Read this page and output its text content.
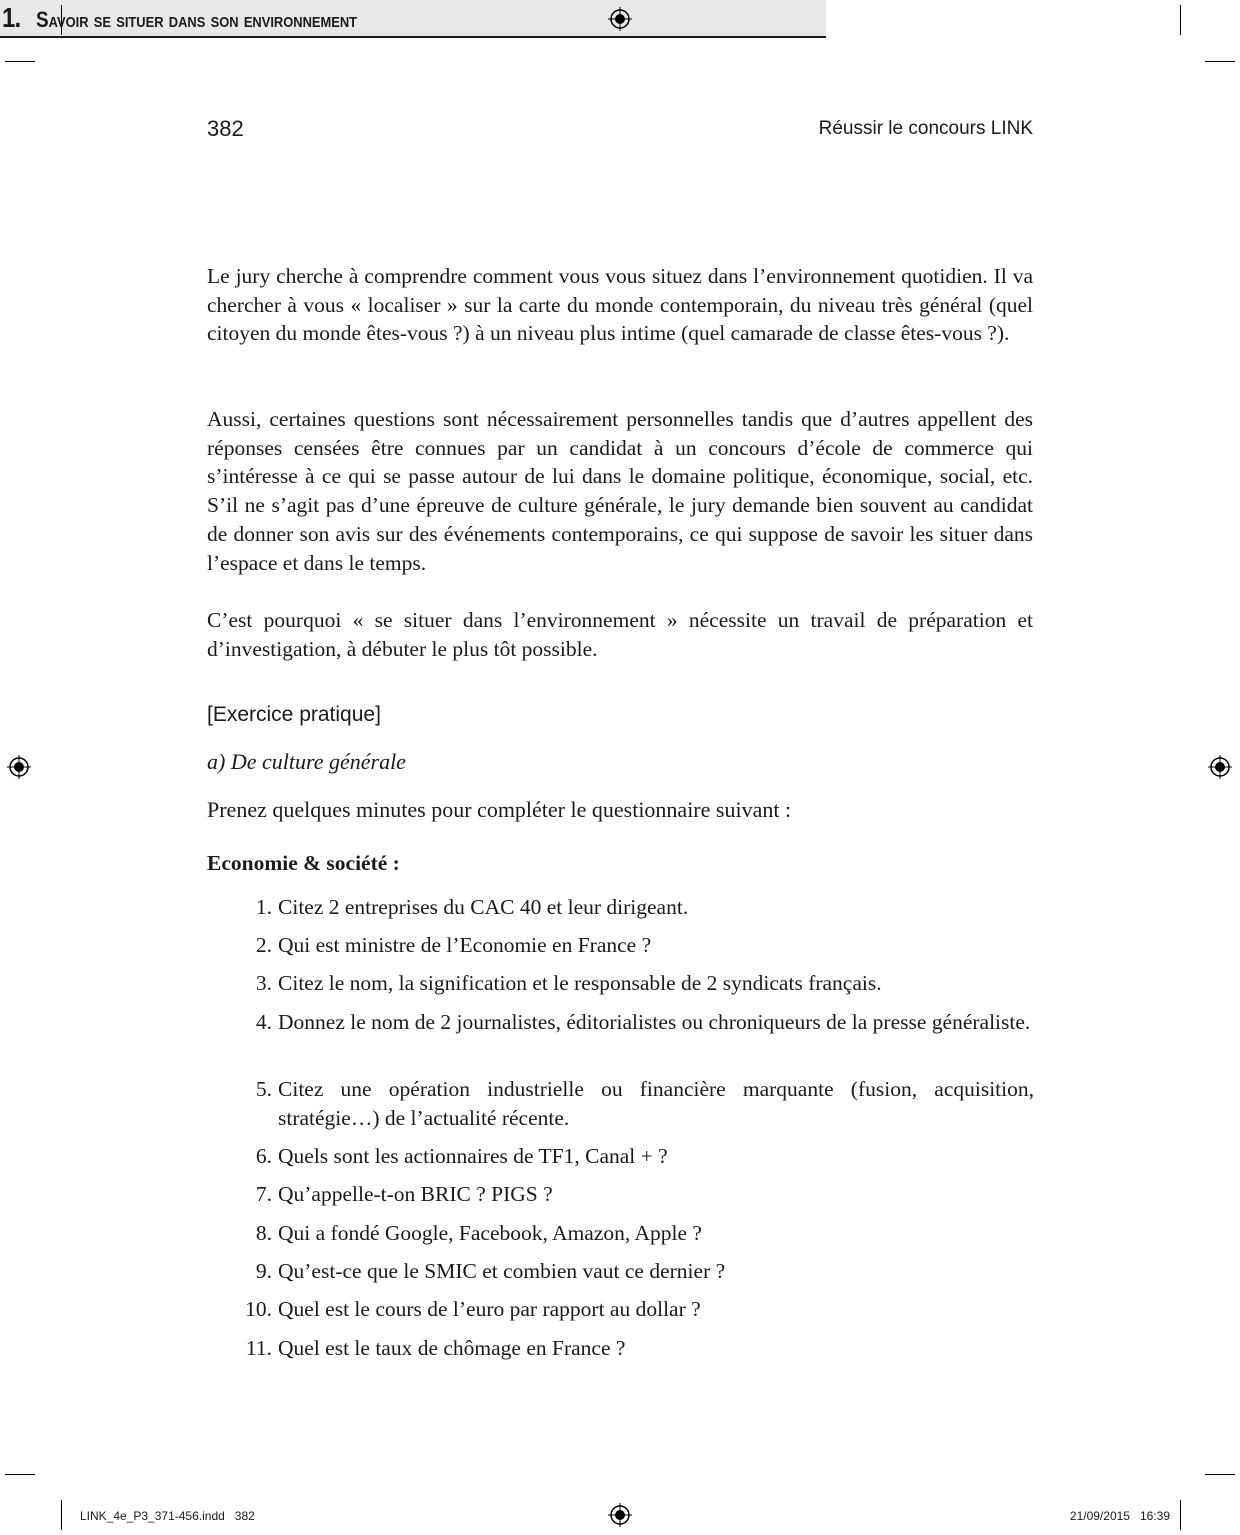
382	Réussir le concours LINK
1. Savoir se situer dans son environnement

Le jury cherche à comprendre comment vous vous situez dans l’environnement quotidien. Il va chercher à vous « localiser » sur la carte du monde contemporain, du niveau très général (quel citoyen du monde êtes-vous ?) à un niveau plus intime (quel camarade de classe êtes-vous ?).

Aussi, certaines questions sont nécessairement personnelles tandis que d’autres appellent des réponses censées être connues par un candidat à un concours d’école de commerce qui s’intéresse à ce qui se passe autour de lui dans le domaine politique, économique, social, etc. S’il ne s’agit pas d’une épreuve de culture générale, le jury demande bien souvent au candidat de donner son avis sur des événements contemporains, ce qui suppose de savoir les situer dans l’espace et dans le temps.

C’est pourquoi « se situer dans l’environnement » nécessite un travail de préparation et d’investigation, à débuter le plus tôt possible.

[Exercice pratique]
a) De culture générale
Prenez quelques minutes pour compléter le questionnaire suivant :
Economie & société :
1. Citez 2 entreprises du CAC 40 et leur dirigeant.
2. Qui est ministre de l’Economie en France ?
3. Citez le nom, la signification et le responsable de 2 syndicats français.
4. Donnez le nom de 2 journalistes, éditorialistes ou chroniqueurs de la presse généraliste.
5. Citez une opération industrielle ou financière marquante (fusion, acquisition, stratégie…) de l’actualité récente.
6. Quels sont les actionnaires de TF1, Canal + ?
7. Qu’appelle-t-on BRIC ? PIGS ?
8. Qui a fondé Google, Facebook, Amazon, Apple ?
9. Qu’est-ce que le SMIC et combien vaut ce dernier ?
10. Quel est le cours de l’euro par rapport au dollar ?
11. Quel est le taux de chômage en France ?
LINK_4e_P3_371-456.indd   382	21/09/2015   16:39
